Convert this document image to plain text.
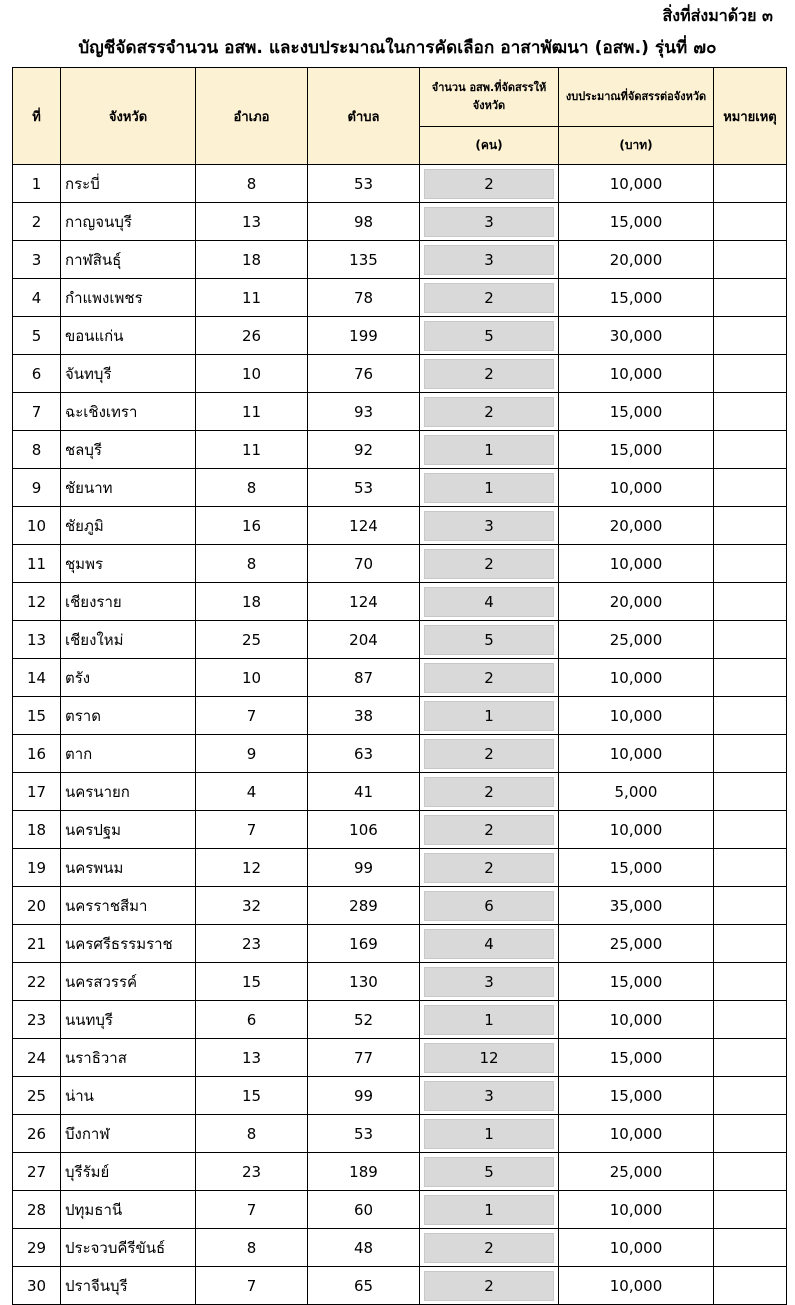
สิ่งที่ส่งมาด้วย ๓
บัญชีจัดสรรจำนวน อสพ. และงบประมาณในการคัดเลือก อาสาพัฒนา (อสพ.) รุ่นที่ ๗๐
ที่	จังหวัด	อำเภอ	ตำบล	จำนวน อสพ.ที่จัดสรรให้จังหวัด	งบประมาณที่จัดสรรต่อจังหวัด	หมายเหตุ
				(คน)	(บาท)	
1	กระบี่	8	53	2	10,000	
2	กาญจนบุรี	13	98	3	15,000	
3	กาฬสินธุ์	18	135	3	20,000	
4	กำแพงเพชร	11	78	2	15,000	
5	ขอนแก่น	26	199	5	30,000	
6	จันทบุรี	10	76	2	10,000	
7	ฉะเชิงเทรา	11	93	2	15,000	
8	ชลบุรี	11	92	1	15,000	
9	ชัยนาท	8	53	1	10,000	
10	ชัยภูมิ	16	124	3	20,000	
11	ชุมพร	8	70	2	10,000	
12	เชียงราย	18	124	4	20,000	
13	เชียงใหม่	25	204	5	25,000	
14	ตรัง	10	87	2	10,000	
15	ตราด	7	38	1	10,000	
16	ตาก	9	63	2	10,000	
17	นครนายก	4	41	2	5,000	
18	นครปฐม	7	106	2	10,000	
19	นครพนม	12	99	2	15,000	
20	นครราชสีมา	32	289	6	35,000	
21	นครศรีธรรมราช	23	169	4	25,000	
22	นครสวรรค์	15	130	3	15,000	
23	นนทบุรี	6	52	1	10,000	
24	นราธิวาส	13	77	12	15,000	
25	น่าน	15	99	3	15,000	
26	บึงกาฬ	8	53	1	10,000	
27	บุรีรัมย์	23	189	5	25,000	
28	ปทุมธานี	7	60	1	10,000	
29	ประจวบคีรีขันธ์	8	48	2	10,000	
30	ปราจีนบุรี	7	65	2	10,000	
